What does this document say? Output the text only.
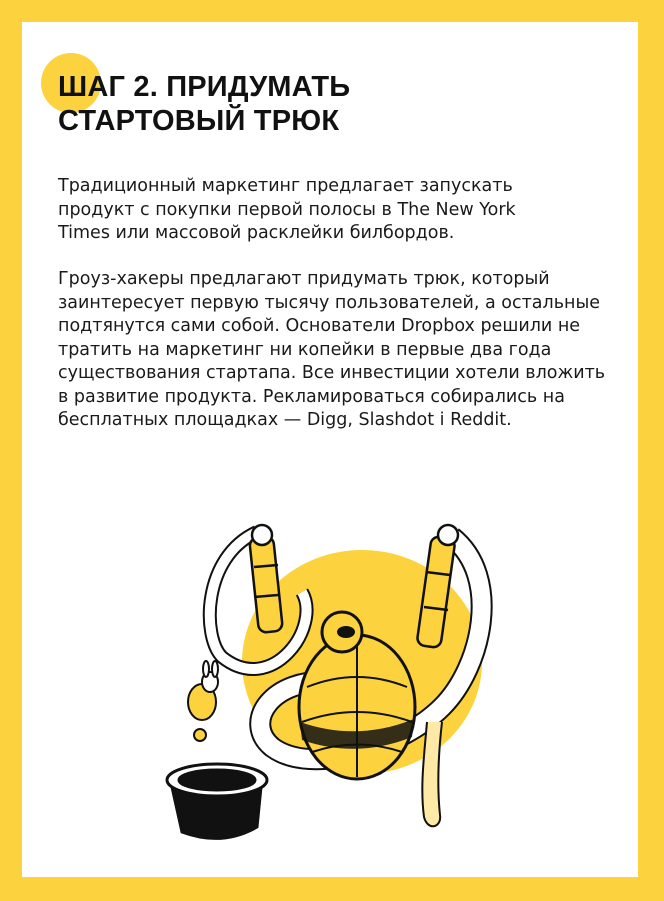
ШАГ 2. ПРИДУМАТЬ
СТАРТОВЫЙ ТРЮК

Традиционный маркетинг предлагает запускать
продукт с покупки первой полосы в The New York
Times или массовой расклейки билбордов.

Гроуз-хакеры предлагают придумать трюк, который
заинтересует первую тысячу пользователей, а остальные
подтянутся сами собой. Основатели Dropbox решили не
тратить на маркетинг ни копейки в первые два года
существования стартапа. Все инвестиции хотели вложить
в развитие продукта. Рекламироваться собирались на
бесплатных площадках — Digg, Slashdot і Reddit.
